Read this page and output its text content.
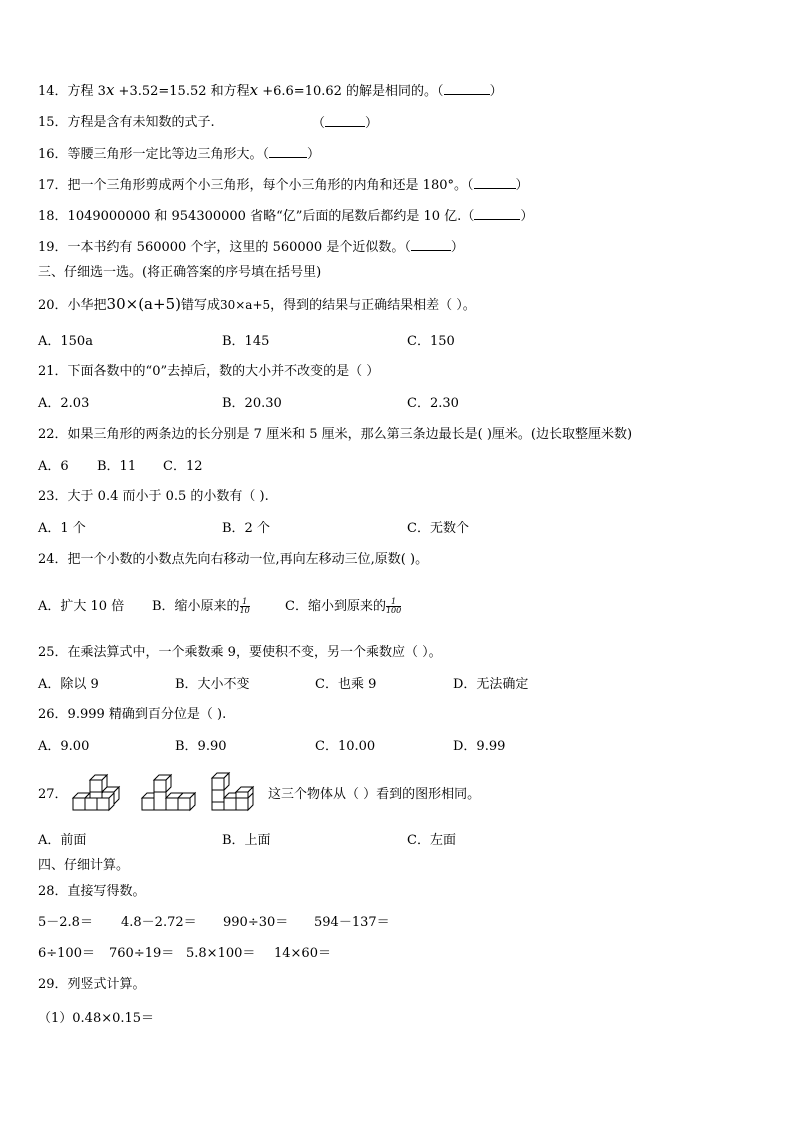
14．方程 3x +3.52=15.52 和方程x +6.6=10.62 的解是相同的。（	）
15．方程是含有未知数的式子.	（	）
16．等腰三角形一定比等边三角形大。（	）
17．把一个三角形剪成两个小三角形，每个小三角形的内角和还是 180°。（	）
18．1049000000 和 954300000 省略“亿”后面的尾数后都约是 10 亿.（	）
19．一本书约有 560000 个字，这里的 560000 是个近似数。（	）
三、仔细选一选。(将正确答案的序号填在括号里)
20．小华把30×(a+5)错写成30×a+5，得到的结果与正确结果相差（ ）。
A．150a	B．145	C．150
21．下面各数中的“0”去掉后，数的大小并不改变的是（ ）
A．2.03	B．20.30	C．2.30
22．如果三角形的两条边的长分别是 7 厘米和 5 厘米，那么第三条边最长是( )厘米。(边长取整厘米数)
A．6 B．11 C．12
23．大于 0.4 而小于 0.5 的小数有（ ).
A．1 个	B．2 个	C．无数个
24．把一个小数的小数点先向右移动一位,再向左移动三位,原数( )。
A．扩大 10 倍 B．缩小原来的 $\frac{1}{10}$	C．缩小到原来的 $\frac{1}{100}$
25．在乘法算式中，一个乘数乘 9，要使积不变，另一个乘数应（ ）。
A．除以 9	B．大小不变	C．也乘 9	D．无法确定
26．9.999 精确到百分位是（ ).
A．9.00	B．9.90	C．10.00	D．9.99
27．	这三个物体从（ ）看到的图形相同。
A．前面	B．上面	C．左面
四、仔细计算。
28．直接写得数。
5－2.8＝ 4.8－2.72＝ 990÷30＝ 594－137＝
6÷100＝ 760÷19＝ 5.8×100＝ 14×60＝
29．列竖式计算。
（1）0.48×0.15＝
